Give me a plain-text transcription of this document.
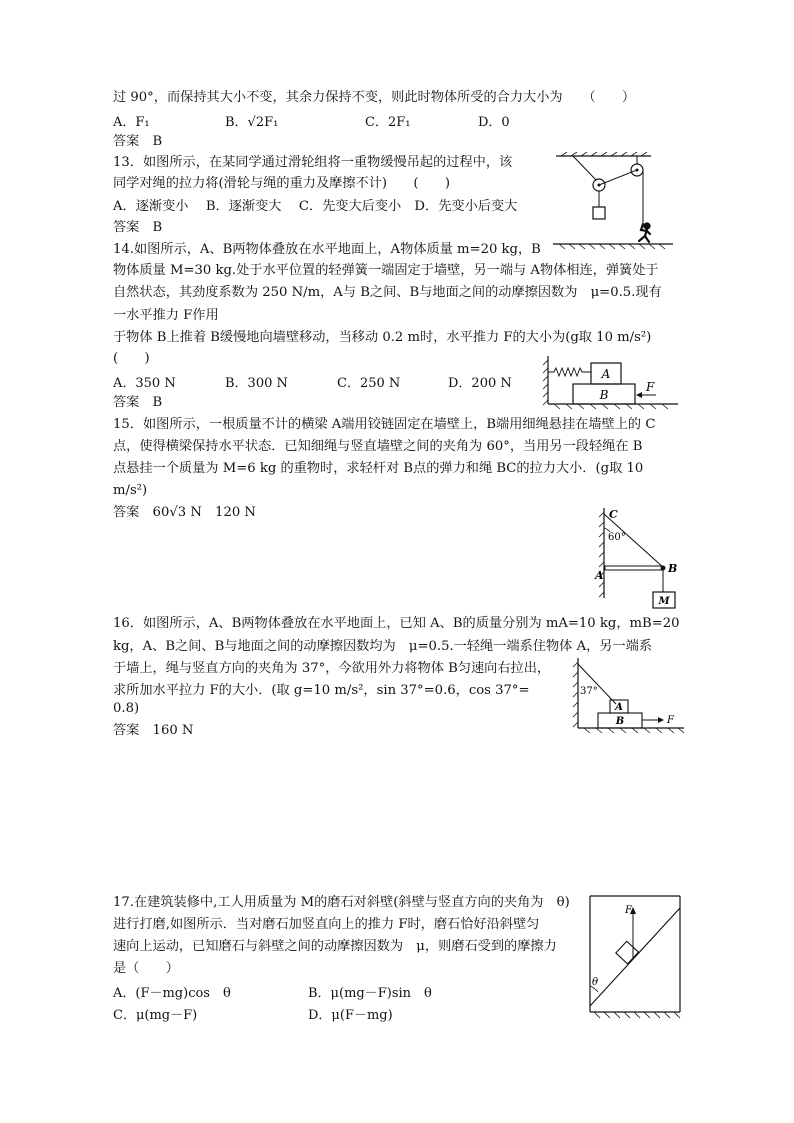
过 90°，而保持其大小不变，其余力保持不变，则此时物体所受的合力大小为　　（　　）
A．F₁	B．√2F₁	C．2F₁	D．0
答案　B
13．如图所示，在某同学通过滑轮组将一重物缓慢吊起的过程中，该
同学对绳的拉力将(滑轮与绳的重力及摩擦不计)　　(　　)
A．逐渐变小　 B．逐渐变大　 C．先变大后变小　D．先变小后变大
答案　B
14.如图所示，A、B两物体叠放在水平地面上，A物体质量 m=20 kg，B
物体质量 M=30 kg.处于水平位置的轻弹簧一端固定于墙壁，另一端与 A物体相连，弹簧处于
自然状态，其劲度系数为 250 N/m，A与 B之间、B与地面之间的动摩擦因数为　μ=0.5.现有
一水平推力 F作用
于物体 B上推着 B缓慢地向墙壁移动，当移动 0.2 m时，水平推力 F的大小为(g取 10 m/s²)
(　　)
A．350 N	B．300 N	C．250 N	D．200 N
答案　B
A
B
F
15．如图所示，一根质量不计的横梁 A端用铰链固定在墙壁上，B端用细绳悬挂在墙壁上的 C
点，使得横梁保持水平状态．已知细绳与竖直墙壁之间的夹角为 60°，当用另一段轻绳在 B
点悬挂一个质量为 M=6 kg 的重物时，求轻杆对 B点的弹力和绳 BC的拉力大小．(g取 10
m/s²)
答案　60√3 N　120 N	C
60°
A
B
M
16．如图所示，A、B两物体叠放在水平地面上，已知 A、B的质量分别为 mA=10 kg，mB=20
kg，A、B之间、B与地面之间的动摩擦因数均为　μ=0.5.一轻绳一端系住物体 A，另一端系
于墙上，绳与竖直方向的夹角为 37°，今欲用外力将物体 B匀速向右拉出，
求所加水平拉力 F的大小．(取 g=10 m/s²，sin 37°=0.6，cos 37°=
0.8)
答案　160 N
37°
A
B	F
17.在建筑装修中,工人用质量为 M的磨石对斜壁(斜壁与竖直方向的夹角为　θ)
进行打磨,如图所示．当对磨石加竖直向上的推力 F时，磨石恰好沿斜壁匀
速向上运动，已知磨石与斜壁之间的动摩擦因数为　μ，则磨石受到的摩擦力
是（　　）
A．(F－mg)cos　θ	B．μ(mg－F)sin　θ
C．μ(mg－F)	D．μ(F－mg)
θ
F
